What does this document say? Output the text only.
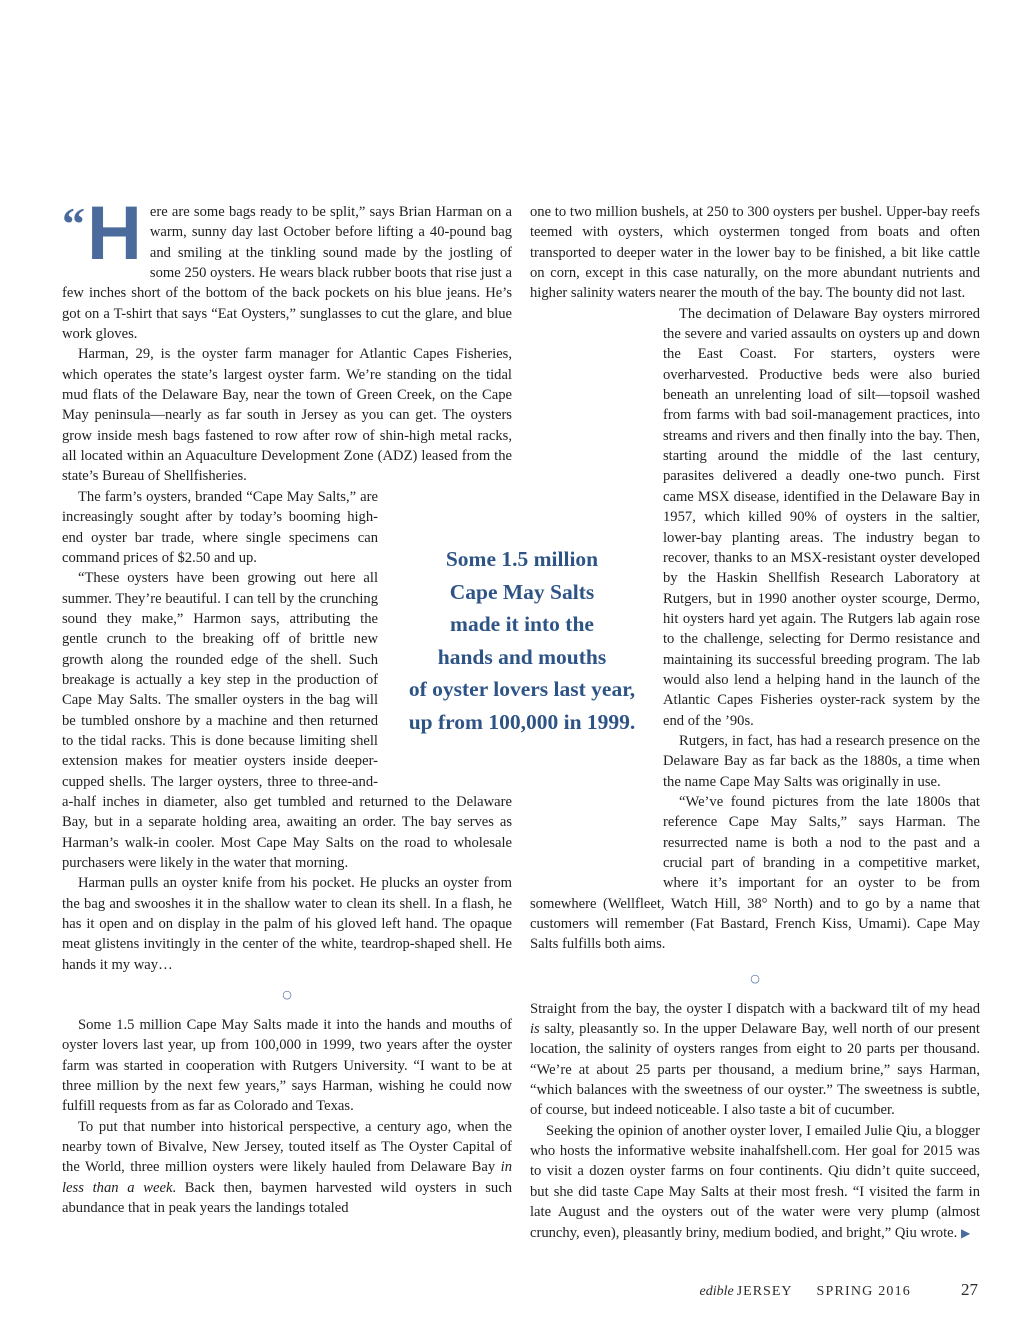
“ H ere are some bags ready to be split,” says Brian Harman on a warm, sunny day last October before lifting a 40-pound bag and smiling at the tinkling sound made by the jostling of some 250 oysters. He wears black rubber boots that rise just a few inches short of the bottom of the back pockets on his blue jeans. He’s got on a T-shirt that says “Eat Oysters,” sunglasses to cut the glare, and blue work gloves.

Harman, 29, is the oyster farm manager for Atlantic Capes Fisheries, which operates the state’s largest oyster farm. We’re standing on the tidal mud flats of the Delaware Bay, near the town of Green Creek, on the Cape May peninsula—nearly as far south in Jersey as you can get. The oysters grow inside mesh bags fastened to row after row of shin-high metal racks, all located within an Aquaculture Development Zone (ADZ) leased from the state’s Bureau of Shellfisheries.

The farm’s oysters, branded “Cape May Salts,” are increasingly sought after by today’s booming high-end oyster bar trade, where single specimens can command prices of $2.50 and up.

“These oysters have been growing out here all summer. They’re beautiful. I can tell by the crunching sound they make,” Harmon says, attributing the gentle crunch to the breaking off of brittle new growth along the rounded edge of the shell. Such breakage is actually a key step in the production of Cape May Salts. The smaller oysters in the bag will be tumbled onshore by a machine and then returned to the tidal racks. This is done because limiting shell extension makes for meatier oysters inside deeper-cupped shells. The larger oysters, three to three-and-a-half inches in diameter, also get tumbled and returned to the Delaware Bay, but in a separate holding area, awaiting an order. The bay serves as Harman’s walk-in cooler. Most Cape May Salts on the road to wholesale purchasers were likely in the water that morning.

Harman pulls an oyster knife from his pocket. He plucks an oyster from the bag and swooshes it in the shallow water to clean its shell. In a flash, he has it open and on display in the palm of his gloved left hand. The opaque meat glistens invitingly in the center of the white, teardrop-shaped shell. He hands it my way…

○

Some 1.5 million Cape May Salts made it into the hands and mouths of oyster lovers last year, up from 100,000 in 1999, two years after the oyster farm was started in cooperation with Rutgers University. “I want to be at three million by the next few years,” says Harman, wishing he could now fulfill requests from as far as Colorado and Texas.

To put that number into historical perspective, a century ago, when the nearby town of Bivalve, New Jersey, touted itself as The Oyster Capital of the World, three million oysters were likely hauled from Delaware Bay in less than a week. Back then, baymen harvested wild oysters in such abundance that in peak years the landings totaled

one to two million bushels, at 250 to 300 oysters per bushel. Upper-bay reefs teemed with oysters, which oystermen tonged from boats and often transported to deeper water in the lower bay to be finished, a bit like cattle on corn, except in this case naturally, on the more abundant nutrients and higher salinity waters nearer the mouth of the bay. The bounty did not last.

The decimation of Delaware Bay oysters mirrored the severe and varied assaults on oysters up and down the East Coast. For starters, oysters were overharvested. Productive beds were also buried beneath an unrelenting load of silt—topsoil washed from farms with bad soil-management practices, into streams and rivers and then finally into the bay. Then, starting around the middle of the last century, parasites delivered a deadly one-two punch. First came MSX disease, identified in the Delaware Bay in 1957, which killed 90% of oysters in the saltier, lower-bay planting areas. The industry began to recover, thanks to an MSX-resistant oyster developed by the Haskin Shellfish Research Laboratory at Rutgers, but in 1990 another oyster scourge, Dermo, hit oysters hard yet again. The Rutgers lab again rose to the challenge, selecting for Dermo resistance and maintaining its successful breeding program. The lab would also lend a helping hand in the launch of the Atlantic Capes Fisheries oyster-rack system by the end of the ’90s.

Rutgers, in fact, has had a research presence on the Delaware Bay as far back as the 1880s, a time when the name Cape May Salts was originally in use.

“We’ve found pictures from the late 1800s that reference Cape May Salts,” says Harman. The resurrected name is both a nod to the past and a crucial part of branding in a competitive market, where it’s important for an oyster to be from somewhere (Wellfleet, Watch Hill, 38° North) and to go by a name that customers will remember (Fat Bastard, French Kiss, Umami). Cape May Salts fulfills both aims.

○

Straight from the bay, the oyster I dispatch with a backward tilt of my head is salty, pleasantly so. In the upper Delaware Bay, well north of our present location, the salinity of oysters ranges from eight to 20 parts per thousand. “We’re at about 25 parts per thousand, a medium brine,” says Harman, “which balances with the sweetness of our oyster.” The sweetness is subtle, of course, but indeed noticeable. I also taste a bit of cucumber.

Seeking the opinion of another oyster lover, I emailed Julie Qiu, a blogger who hosts the informative website inahalfshell.com. Her goal for 2015 was to visit a dozen oyster farms on four continents. Qiu didn’t quite succeed, but she did taste Cape May Salts at their most fresh. “I visited the farm in late August and the oysters out of the water were very plump (almost crunchy, even), pleasantly briny, medium bodied, and bright,” Qiu wrote. ▶

Some 1.5 million
Cape May Salts
made it into the
hands and mouths
of oyster lovers last year,
up from 100,000 in 1999.
edible JERSEY SPRING 2016	27
